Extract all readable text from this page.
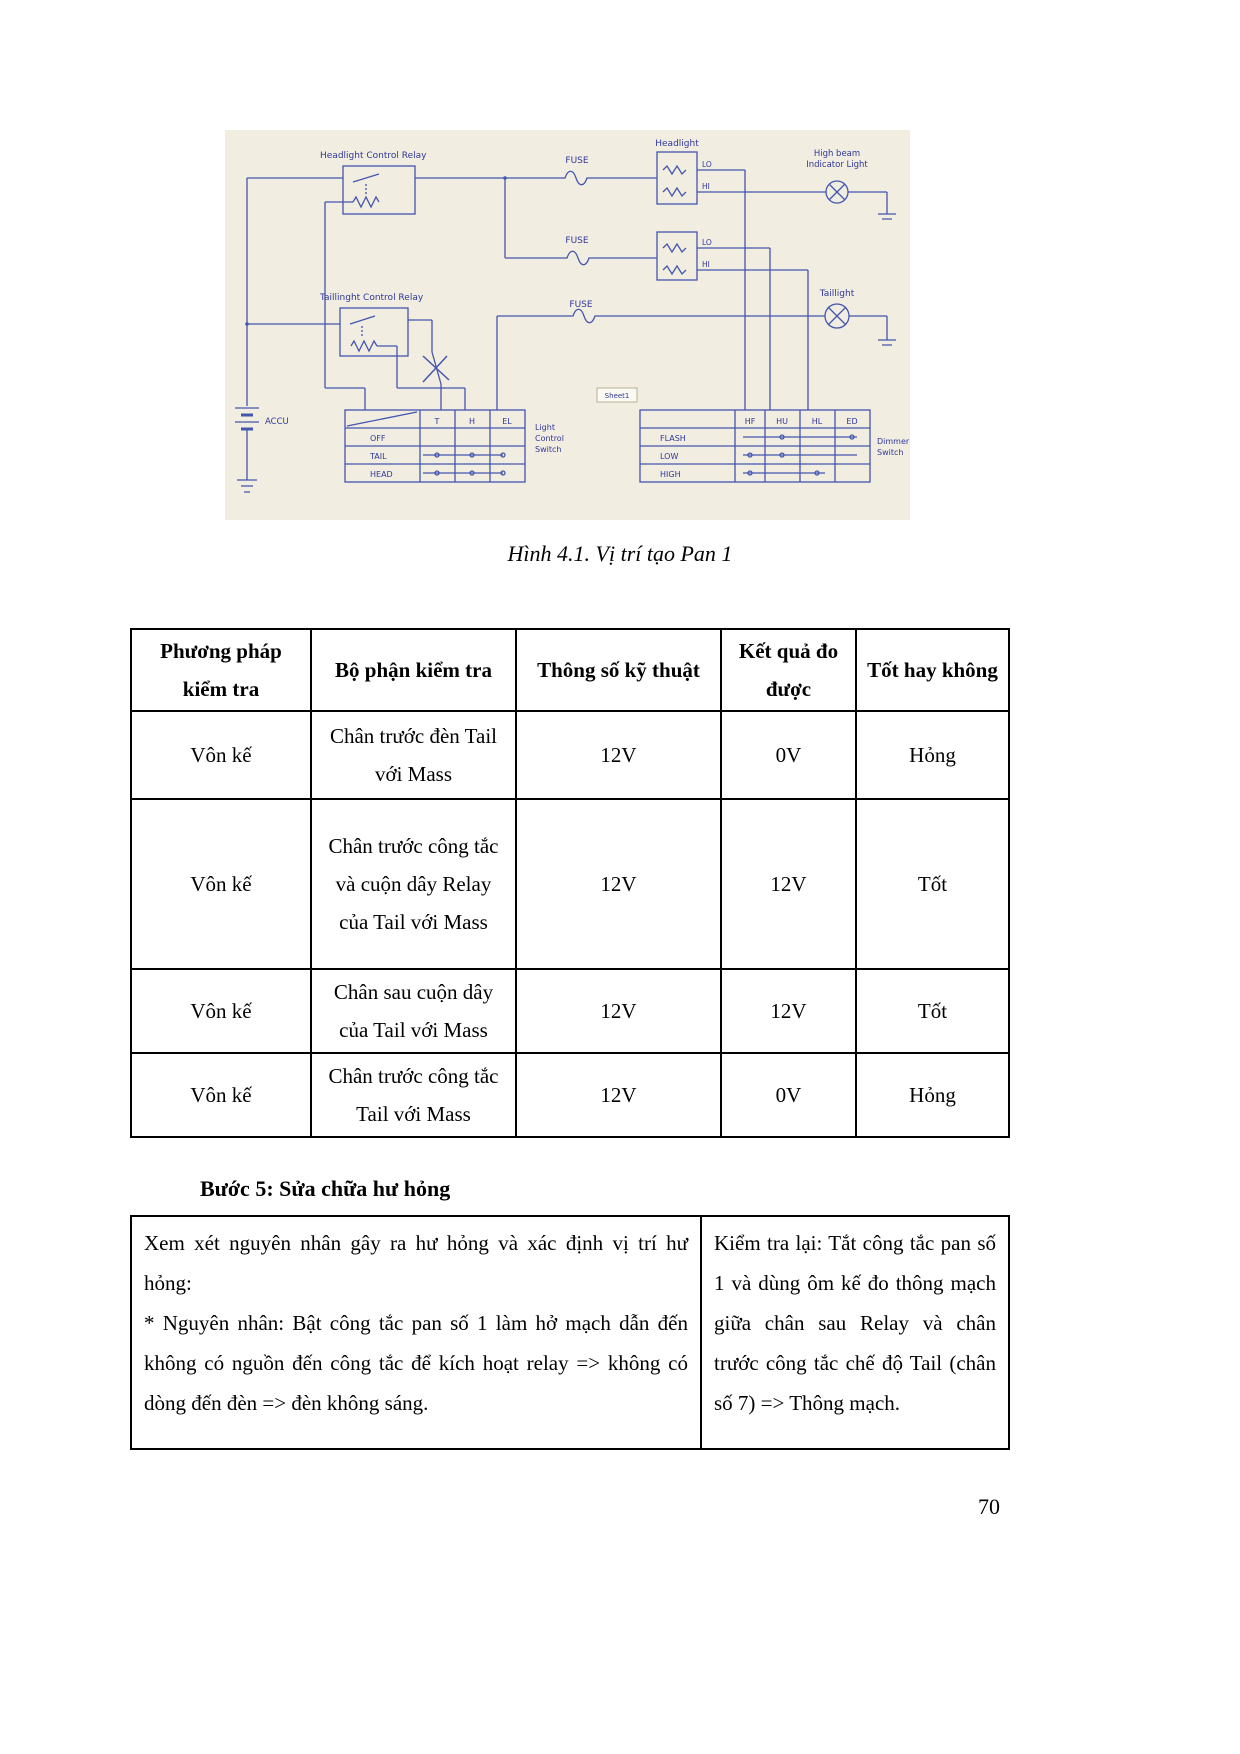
Headlight Control Relay	FUSE
Headlight
High beam
Indicator Light
LO
HI
FUSE	LO
HI
Taillinght Control Relay
FUSE
Taillight
ACCU
Sheet1
T	H	EL
OFF
TAIL
HEAD
Light
Control
Switch
HF	HU	HL	ED
FLASH
LOW
HIGH
Dimmer
Switch
Hình 4.1. Vị trí tạo Pan 1
Phương pháp kiểm tra	Bộ phận kiểm tra	Thông số kỹ thuật	Kết quả đo được	Tốt hay không
Vôn kế	Chân trước đèn Tail với Mass	12V	0V	Hỏng
Vôn kế	Chân trước công tắc và cuộn dây Relay của Tail với Mass	12V	12V	Tốt
Vôn kế	Chân sau cuộn dây của Tail với Mass	12V	12V	Tốt
Vôn kế	Chân trước công tắc Tail với Mass	12V	0V	Hỏng
Bước 5: Sửa chữa hư hỏng

Xem xét nguyên nhân gây ra hư hỏng và xác định vị trí hư hỏng:

* Nguyên nhân: Bật công tắc pan số 1 làm hở mạch dẫn đến không có nguồn đến công tắc để kích hoạt relay => không có dòng đến đèn => đèn không sáng.

Kiểm tra lại: Tắt công tắc pan số 1 và dùng ôm kế đo thông mạch giữa chân sau Relay và chân trước công tắc chế độ Tail (chân số 7) => Thông mạch.

70
